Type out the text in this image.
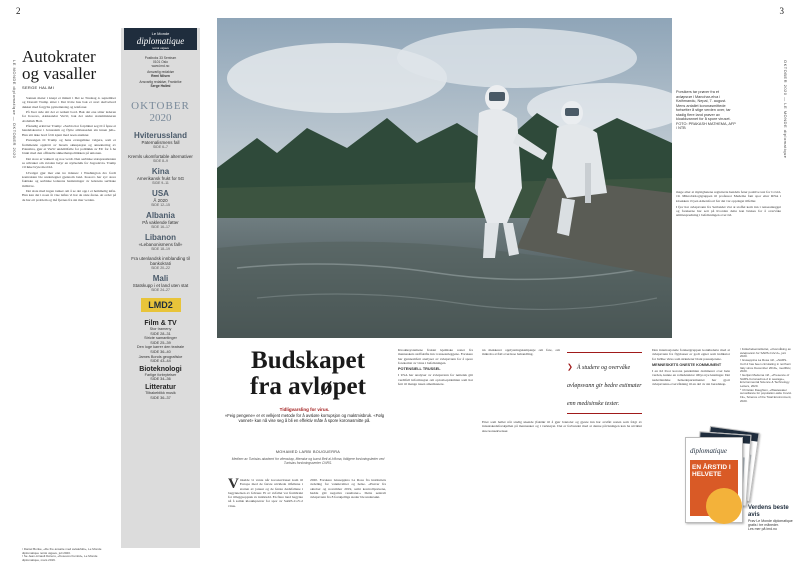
2	3
LE MONDE diplomatique — OKTOBER 2020	OKTOBER 2020 — LE MONDE diplomatique
Autokrater
og vasaller
SERGE HALIMI

Sannen møter i knapt et minutt i Det se Trudeag 4. september og Donald Trump sitter i Det hvite hus bak et stort skrivebord dekket med forgylte pynteinnslag og telefoner.

På hver side sitt det et rødsett bord. Bak det ene sitter lederen for Kosovo, Aleksandar Vučić, bak det andre statsministeren Avdullah Hoti.

Påstudig erklærer Trump: «Serbia har forpliktet seg til å åpne et handelskontor i Jerusalem og flytte ambassaden sin innen juli». Han sitt ikke bord å bli kjent med noen ansikter.

Presangen til Trump og hans evangeliske velgere, som er fremmende opphört av Israels okkupasjon og annektering av Palestina, gjør et Vučić undeltilfelle for politikkk av EU for å ha brukt med den offisielle sikkerhetspolitikken på unionen.

Det store er vakkert og noe verdt. Den serbiske statspresidenten sa utbruket om avtalen betyr en styrkeleik for Jugoslavia. Trump vil ikke bryte med tid.

Utvalget gjør mer enn tre tidenes: i Washington dro fordi kontrakten ble undertegnet gjennom land. Kosovo har syv store faktiske og serbiske lederens beslutninger av lederens serbiske militære.

Det siste med ingen tanker om å se det opp i et hemmelig løfte. Han kan det i noen år vise løftes vi har de siste årene. At ordet på de har ett problem og må fjernes fra sin mer verden.

¹ Daniel Bonke, «De fire ansatte med avtalefolk», Le Monde diplomatique norsk utgave, juli 2020.
² Se Jean-Arnault Dérens, «Kosovos fremtid», Le Monde diplomatique, mars 2019.
Le Monde
diplomatique
norsk utgave
Postboks 33 Sentrum
0101 Oslo
www.lmd.no
Ansvarlig redaktør
Remi Nilsen
Ansvarlig redaktør, Frankrike
Serge Halimi
OKTOBER
2020
Hviterussland
Paternalismens fall
SIDE 6–7
Kremls ukomfortable alternativer
SIDE 8–9
Kina
Amerikansk frukt for 5G
SIDE 9–11
USA
Å 2020
SIDE 12–15
Albania
På vaklende føtter
SIDE 16–17
Libanon
«Lebanonismens fall»
SIDE 18–19
Fra utenlandsk innblanding til bankokrati
SIDE 20–22
Mali
Statskupp i et land uten stat
SIDE 24–27
LMD2
Film & TV
Stor trameny
SIDE 28–31
Stricte samantinger
SIDE 25–39
Den loge karrer den teatrale
SIDE 36–40
James Bonds geografiske
SIDE 43–44
Bioteknologi
Farlige forbrytelser
SIDE 34–36
Litteratur
Tilbakeblikk musik
SIDE 36–37
Porsikers tar prøver fra et avløpsrør i Manohar-elva i Kathmandu, Nepal, 7. august. Mens antallet koronasmittede fortsetter å stige verden over, tar stadig flere land prøver av kloakkvannet for å spore viruset. FOTO: PRAKASH MATHEMA, AFP / NTB
Budskapet
fra avløpet
Tidligvarsling for virus.
«Feig pengene» er et velkjent metode for å avsløre korrupsjon og maktmisbruk. «Følg vannet» kan nå vise seg å bli en effektiv måte å spore koronasmitte på.
MOHAMED LARBI BOUGUERRA
Medlem av Tunisias akademi for vitenskap, litteratur og kunst Beit al-Hikma, tidligere forskningsleder ved Tunisias forskningssenter CNRS.
Virkelde vi vente når koronaviruset kom til Europa med de første utvidede tilfellene i starten av januar og de første dødsfallene i begynnelsen av februar. Et av avfallet var frembrakt for tilleggsopptak av innbrudd. En flere land begynte nå å samle kloakkprøver for spor av SARS-CoV-2 virus.
2020. Forskere Giuseppina La Rosa fra instituttets avdeling for vannkvalitet og helse. «Prøver fra oktober og november 2019, samt kontrollprøvene, hadde gitt negative resultater.» Dette sentralt avløpsvann fra 8 forskjellige steder ble undersøkt.
Kloakksystemene fraktet kjemiske rester fra menneskets stoffskifte inn i renseanleggene. Forskere har gjennomført analyser av avløpsvann for å spore forekomst av virus i befolkningen.
POTENSIELL TRUSSEL
I USA har analyser av avløpsvann for nøtteisk gitt verdifull informasjon om opioid-epidemien som har ført til mange tusen amerikanere.
nn møkkerer opplysningskampanje om fare, om mikroba avfall overdose behandling.
❯ Å studere og overvåke avløpsvann gir bedre estimater enn medisinske tester.
Etter som heller når stadig ukende jfaktikr til å gjør boktoler og gjeste inn har avslått resten som folgt av innsatskedeforskjellen på mennesker og i verktøyet. Det er forbundet med at denne påvisningen kan ha utviklet sine konsekvenser.
Den internasjonale forskergruppen konkluderte med at avløpsvann fra flyplasser er godt egnet som indikator for hvilke virus som sirkulerer blant passasjerene.
MENNESKETS ONESTE KOMMUNENT
I en tid hvor korona pandemien dominerer over hele verden, kunne en rolledetektor tilbys nye løsninger. Det nederlandske helsedepartementet har gjort avløpsvanns-overvåkning til en del av sin beredskap.
mage alter at mynighetene registrerte hendels fører positive test for Covid-19. Mikrobiologigruppen til professor Medema fant spor etter RNA i kloakken i byen Amersfoort før det var oppdaget tilfeller.
I fjor har avløpsvann fra Sørlandet vist at stoffet kom inn i renseanlegget og forskerne har sett på hvordan dette kan brukes for å overvåke smittespredning i befolkningen over tid.
¹ Folkehelseinstituttet, «Overvåking av avløpsvann for SARS-CoV-2», juni 2020.
² Giuseppina La Rosa mfl., «SARS-CoV-2 has been circulating in northern Italy since December 2019», medRxiv, 2020.
³ Gertjan Medema mfl., «Presence of SARS-Coronavirus-2 in sewage», Environmental Science & Technology Letters, 2020.
⁴ Christian Daughton, «Wastewater surveillance for population-wide Covid-19», Science of the Total Environment, 2020.
diplomatique
EN ÅRSTID I
HELVETE
Verdens beste avis
Prøv Le Monde diplomatique
gratis i tre måneder.
Les mer på lmd.no
